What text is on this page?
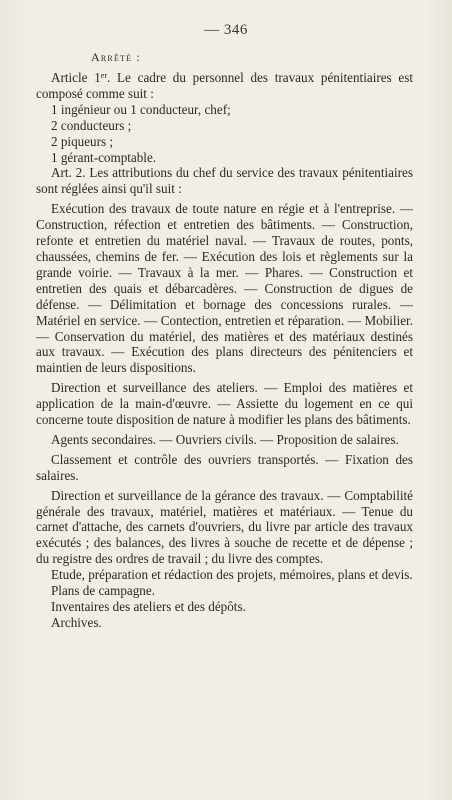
— 346
Arrêté :

Article 1er. Le cadre du personnel des travaux pénitentiaires est composé comme suit :

1 ingénieur ou 1 conducteur, chef;

2 conducteurs ;

2 piqueurs ;

1 gérant-comptable.

Art. 2. Les attributions du chef du service des travaux pénitentiaires sont réglées ainsi qu'il suit :

Exécution des travaux de toute nature en régie et à l'entreprise. — Construction, réfection et entretien des bâtiments. — Construction, refonte et entretien du matériel naval. — Travaux de routes, ponts, chaussées, chemins de fer. — Exécution des lois et règlements sur la grande voirie. — Travaux à la mer. — Phares. — Construction et entretien des quais et débarcadères. — Construction de digues de défense. — Délimitation et bornage des concessions rurales. — Matériel en service. — Contection, entretien et réparation. — Mobilier. — Conservation du matériel, des matières et des matériaux destinés aux travaux. — Exécution des plans directeurs des pénitenciers et maintien de leurs dispositions.

Direction et surveillance des ateliers. — Emploi des matières et application de la main-d'œuvre. — Assiette du logement en ce qui concerne toute disposition de nature à modifier les plans des bâtiments.

Agents secondaires. — Ouvriers civils. — Proposition de salaires.

Classement et contrôle des ouvriers transportés. — Fixation des salaires.

Direction et surveillance de la gérance des travaux. — Comptabilité générale des travaux, matériel, matières et matériaux. — Tenue du carnet d'attache, des carnets d'ouvriers, du livre par article des travaux exécutés ; des balances, des livres à souche de recette et de dépense ; du registre des ordres de travail ; du livre des comptes.

Etude, préparation et rédaction des projets, mémoires, plans et devis.

Plans de campagne.

Inventaires des ateliers et des dépôts.

Archives.
